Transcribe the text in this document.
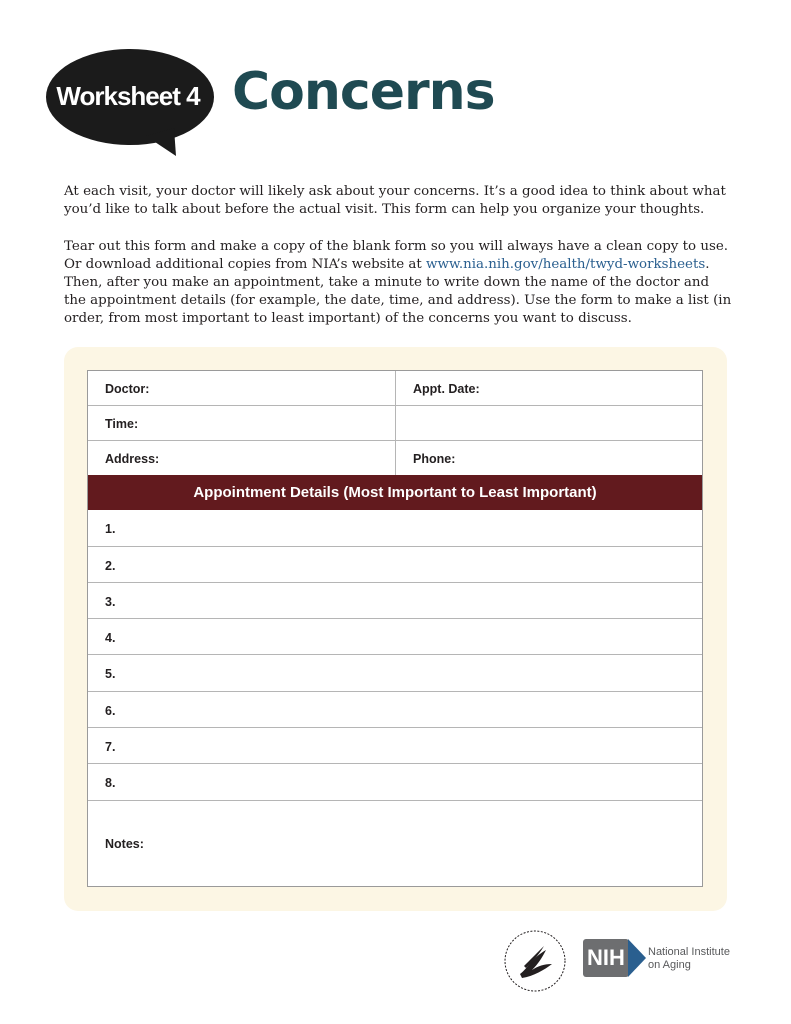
Worksheet 4 Concerns

At each visit, your doctor will likely ask about your concerns. It’s a good idea to think about what you’d like to talk about before the actual visit. This form can help you organize your thoughts.

Tear out this form and make a copy of the blank form so you will always have a clean copy to use. Or download additional copies from NIA’s website at www.nia.nih.gov/health/twyd-worksheets. Then, after you make an appointment, take a minute to write down the name of the doctor and the appointment details (for example, the date, time, and address). Use the form to make a list (in order, from most important to least important) of the concerns you want to discuss.

Doctor:	Appt. Date:
Time:
Address:	Phone:
Appointment Details (Most Important to Least Important)
1.
2.
3.
4.
5.
6.
7.
8.
Notes:
NIH	National Institute
on Aging
